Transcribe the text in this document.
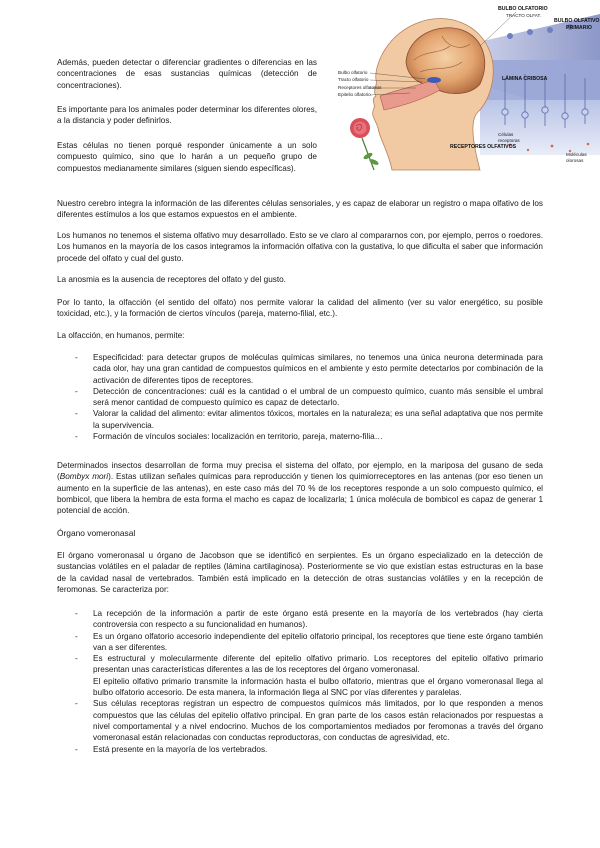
BULBO OLFATORIO
TRACTO OLFAT.
BULBO OLFATIVO
PRIMARIO
LÁMINA CRIBOSA
RECEPTORES OLFATIVOS
Bulbo olfatorio
Tracto olfatorio
Receptores olfatorios
Epitelio olfatorio
Células
receptoras
Moléculas
olorosas

Además, pueden detectar o diferenciar gradientes o diferencias en las concentraciones de esas sustancias químicas (detección de concentraciones).

Es importante para los animales poder determinar los diferentes olores, a la distancia y poder definirlos.

Estas células no tienen porqué responder únicamente a un solo compuesto químico, sino que lo harán a un pequeño grupo de compuestos medianamente similares (siguen siendo específicas).

Nuestro cerebro integra la información de las diferentes células sensoriales, y es capaz de elaborar un registro o mapa olfativo de los diferentes estímulos a los que estamos expuestos en el ambiente.

Los humanos no tenemos el sistema olfativo muy desarrollado. Esto se ve claro al compararnos con, por ejemplo, perros o roedores. Los humanos en la mayoría de los casos integramos la información olfativa con la gustativa, lo que dificulta el saber que información procede del olfato y cual del gusto.

La anosmia es la ausencia de receptores del olfato y del gusto.

Por lo tanto, la olfacción (el sentido del olfato) nos permite valorar la calidad del alimento (ver su valor energético, su posible toxicidad, etc.), y la formación de ciertos vínculos (pareja, materno-filial, etc.).

La olfacción, en humanos, permite:

- Especificidad: para detectar grupos de moléculas químicas similares, no tenemos una única neurona determinada para cada olor, hay una gran cantidad de compuestos químicos en el ambiente y esto permite detectarlos por combinación de la activación de diferentes tipos de receptores.
- Detección de concentraciones: cuál es la cantidad o el umbral de un compuesto químico, cuanto más sensible el umbral será menor cantidad de compuesto químico es capaz de detectarlo.
- Valorar la calidad del alimento: evitar alimentos tóxicos, mortales en la naturaleza; es una señal adaptativa que nos permite la supervivencia.
- Formación de vínculos sociales: localización en territorio, pareja, materno-filia…

Determinados insectos desarrollan de forma muy precisa el sistema del olfato, por ejemplo, en la mariposa del gusano de seda (Bombyx mori). Estas utilizan señales químicas para reproducción y tienen los quimiorreceptores en las antenas (por eso tienen un aumento en la superficie de las antenas), en este caso más del 70 % de los receptores responde a un solo compuesto químico, el bombicol, que libera la hembra de esta forma el macho es capaz de localizarla; 1 única molécula de bombicol es capaz de generar 1 potencial de acción.

Órgano vomeronasal

El órgano vomeronasal u órgano de Jacobson que se identificó en serpientes. Es un órgano especializado en la detección de sustancias volátiles en el paladar de reptiles (lámina cartilaginosa). Posteriormente se vio que existían estas estructuras en la base de la cavidad nasal de vertebrados. También está implicado en la detección de otras sustancias volátiles y en la recepción de feromonas. Se caracteriza por:

- La recepción de la información a partir de este órgano está presente en la mayoría de los vertebrados (hay cierta controversia con respecto a su funcionalidad en humanos).
- Es un órgano olfatorio accesorio independiente del epitelio olfatorio principal, los receptores que tiene este órgano también van a ser diferentes.
- Es estructural y molecularmente diferente del epitelio olfativo primario. Los receptores del epitelio olfativo primario presentan unas características diferentes a las de los receptores del órgano vomeronasal.
El epitelio olfativo primario transmite la información hasta el bulbo olfatorio, mientras que el órgano vomeronasal llega al bulbo olfatorio accesorio. De esta manera, la información llega al SNC por vías diferentes y paralelas.
- Sus células receptoras registran un espectro de compuestos químicos más limitados, por lo que responden a menos compuestos que las células del epitelio olfativo principal. En gran parte de los casos están relacionados por respuestas a nivel comportamental y a nivel endocrino. Muchos de los comportamientos mediados por feromonas a través del órgano vomeronasal están relacionadas con conductas reproductoras, con conductas de agresividad, etc.
- Está presente en la mayoría de los vertebrados.
